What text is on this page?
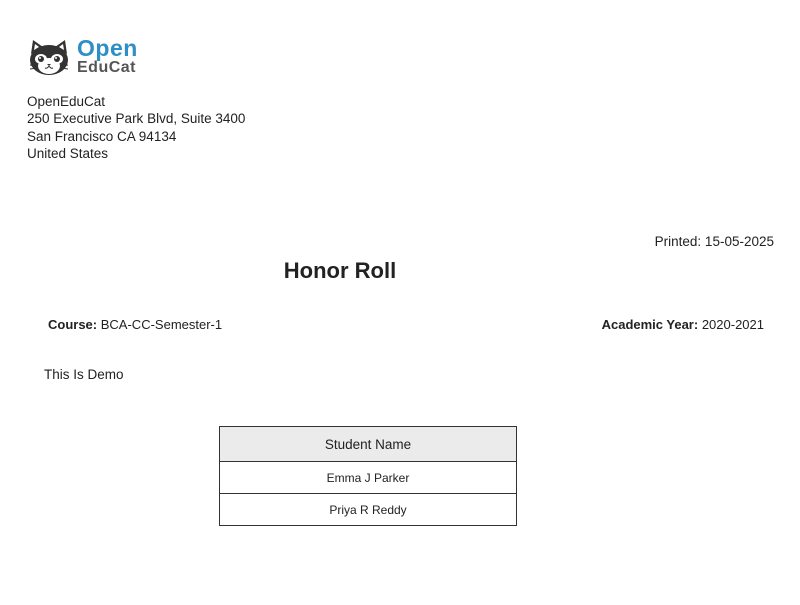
Open
EduCat
OpenEduCat
250 Executive Park Blvd, Suite 3400
San Francisco CA 94134
United States
Printed: 15-05-2025
Honor Roll
Course: BCA-CC-Semester-1	Academic Year: 2020-2021
This Is Demo
Student Name
Emma J Parker
Priya R Reddy
